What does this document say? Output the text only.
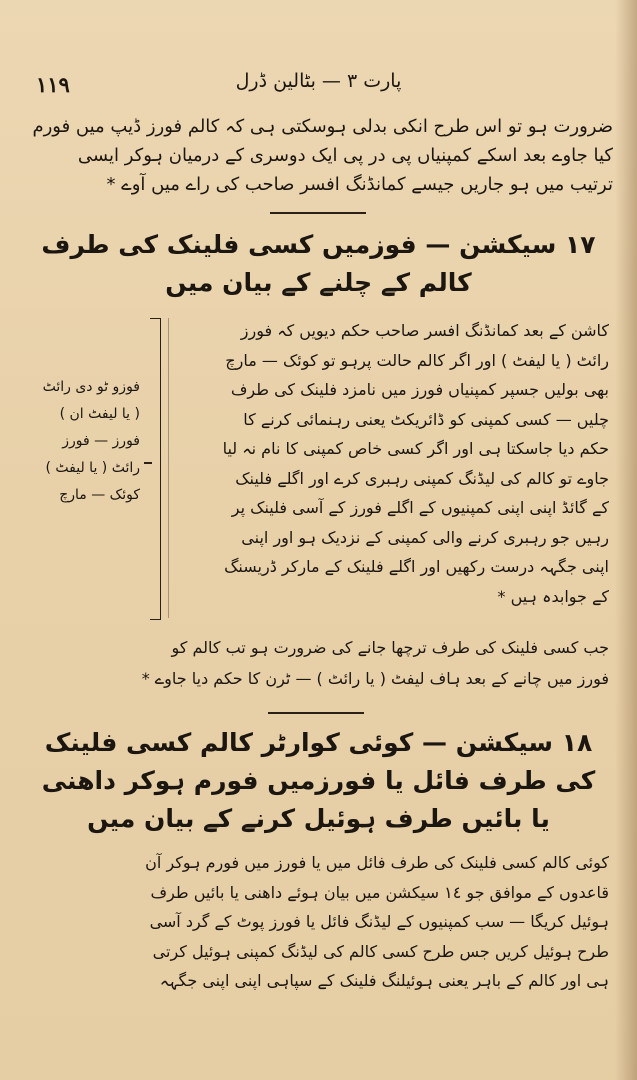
١١٩	پارت ٣ — بٹالین ڈرل
ضرورت ہو تو اس طرح انکی بدلی ہوسکتی ہی کہ کالم فورز ڈیپ میں فورم
کیا جاوے بعد اسکے کمپنیاں پی در پی ایک دوسری کے درمیان ہوکر ایسی
ترتیب میں ہو جاریں جیسے کمانڈنگ افسر صاحب کی راے میں آوے *
١٧ سیکشن — فوزمیں کسی فلینک کی طرف
کالم کے چلنے کے بیان میں
فوزو ٹو دی رائٹ
( یا لیفٹ ان )
فورز — فورز
رائٹ ( یا لیفٹ )
کوئک — مارچ
کاشن کے بعد کمانڈنگ افسر صاحب حکم دیویں کہ فورز
رائٹ ( یا لیفٹ ) اور اگر کالم حالت پرہو تو کوئک — مارچ
بھی بولیں جسپر کمپنیاں فورز میں نامزد فلینک کی طرف
چلیں — کسی کمپنی کو ڈائریکٹ یعنی رہنمائی کرنے کا
حکم دیا جاسکتا ہی اور اگر کسی خاص کمپنی کا نام نہ لیا
جاوے تو کالم کی لیڈنگ کمپنی رہبری کرے اور اگلے فلینک
کے گائڈ اپنی اپنی کمپنیوں کے اگلے فورز کے آسی فلینک پر
رہیں جو رہبری کرنے والی کمپنی کے نزدیک ہو اور اپنی
اپنی جگہہ درست رکھیں اور اگلے فلینک کے مارکر ڈریسنگ
کے جوابدہ ہیں *
جب کسی فلینک کی طرف ترچھا جانے کی ضرورت ہو تب کالم کو
فورز میں چانے کے بعد ہاف لیفٹ ( یا رائٹ ) — ٹرن کا حکم دیا جاوے *
١٨ سیکشن — کوئی کوارٹر کالم کسی فلینک
کی طرف فائل یا فورزمیں فورم ہوکر داھنی
یا بائیں طرف ہوئیل کرنے کے بیان میں
کوئی کالم کسی فلینک کی طرف فائل میں یا فورز میں فورم ہوکر آن
قاعدوں کے موافق جو ١٤ سیکشن میں بیان ہوئے داھنی یا بائیں طرف
ہوئیل کریگا — سب کمپنیوں کے لیڈنگ فائل یا فورز پوٹ کے گرد آسی
طرح ہوئیل کریں جس طرح کسی کالم کی لیڈنگ کمپنی ہوئیل کرتی
ہی اور کالم کے باہر یعنی ہوئیلنگ فلینک کے سپاہی اپنی اپنی جگہہ
